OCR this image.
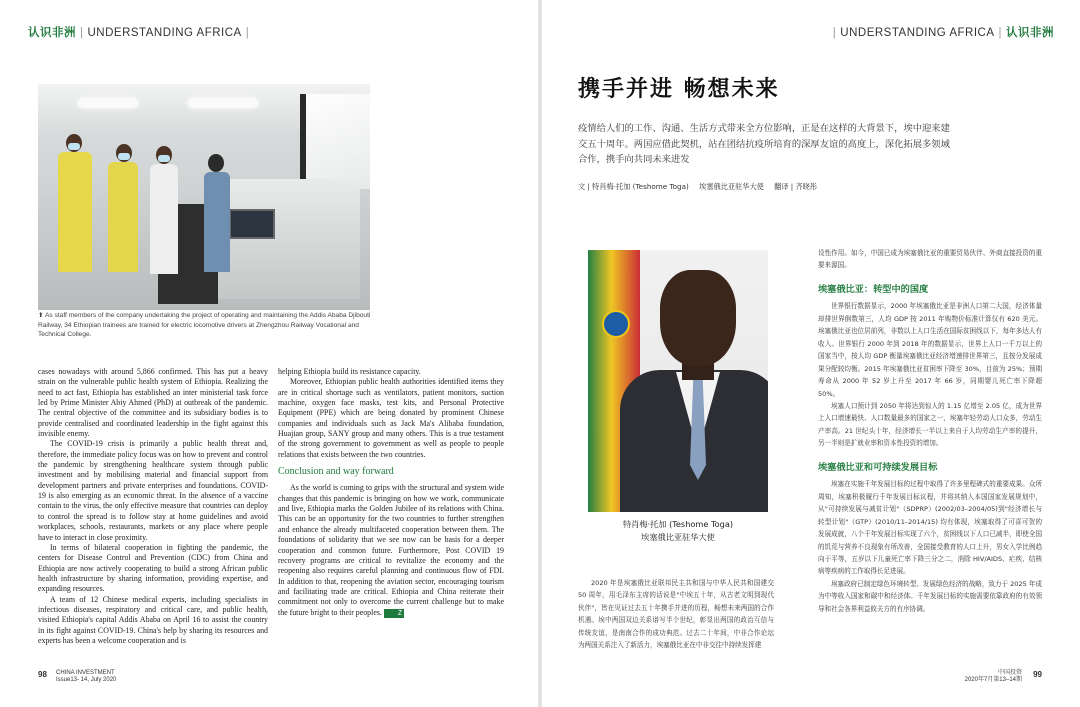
认识非洲 | UNDERSTANDING AFRICA |	| UNDERSTANDING AFRICA | 认识非洲
⬆ As staff members of the company undertaking the project of operating and maintaining the Addis Ababa Djibouti Railway, 34 Ethiopian trainees are trained for electric locomotive drivers at Zhengzhou Railway Vocational and Technical College.

cases nowadays with around 5,866 confirmed. This has put a heavy strain on the vulnerable public health system of Ethiopia. Realizing the need to act fast, Ethiopia has established an inter ministerial task force led by Prime Minister Abiy Ahmed (PhD) at outbreak of the pandemic. The central objective of the committee and its subsidiary bodies is to provide centralised and coordinated leadership in the fight against this invisible enemy.

The COVID-19 crisis is primarily a public health threat and, therefore, the immediate policy focus was on how to prevent and control the pandemic by strengthening healthcare system through public investment and by mobilising material and financial support from development partners and private enterprises and foundations. COVID-19 is also emerging as an economic threat. In the absence of a vaccine contain to the virus, the only effective measure that countries can deploy to control the spread is to follow stay at home guidelines and avoid workplaces, schools, restaurants, markets or any place where people have to interact in close proximity.

In terms of bilateral cooperation in fighting the pandemic, the centers for Disease Control and Prevention (CDC) from China and Ethiopia are now actively cooperating to build a strong African public health infrastructure by sharing information, providing expertise, and expanding resources.

A team of 12 Chinese medical experts, including specialists in infectious diseases, respiratory and critical care, and public health, visited Ethiopia's capital Addis Ababa on April 16 to assist the country in its fight against COVID-19. China's help by sharing its resources and experts has been a welcome cooperation and is

helping Ethiopia build its resistance capacity.

Moreover, Ethiopian public health authorities identified items they are in critical shortage such as ventilators, patient monitors, suction machine, oxygen face masks, test kits, and Personal Protective Equipment (PPE) which are being donated by prominent Chinese companies and individuals such as Jack Ma's Alibaba foundation, Huajian group, SANY group and many others. This is a true testament of the strong government to government as well as people to people relations that exists between the two countries.

Conclusion and way forward

As the world is coming to grips with the structural and system wide changes that this pandemic is bringing on how we work, communicate and live, Ethiopia marks the Golden Jubilee of its relations with China. This can be an opportunity for the two countries to further strengthen and enhance the already multifaceted cooperation between them. The foundations of solidarity that we see now can be basis for a deeper cooperation and common future. Furthermore, Post COVID 19 recovery programs are critical to revitalize the economy and the reopening also requires careful planning and continuous flow of FDI. In addition to that, reopening the aviation sector, encouraging tourism and facilitating trade are critical. Ethiopia and China reiterate their commitment not only to overcome the current challenge but to make the future bright to their peoples. Z

98 CHINA INVESTMENT
Issue13- 14, July 2020
携手并进 畅想未来
疫情给人们的工作、沟通、生活方式带来全方位影响，正是在这样的大背景下，埃中迎来建交五十周年。两国应借此契机，站在团结抗疫所培育的深厚友谊的高度上，深化拓展多领域合作，携手向共同未来进发
文 | 特肖梅·托加 (Teshome Toga) 埃塞俄比亚驻华大使 翻译 | 齐晓彤
特肖梅·托加 (Teshome Toga)
埃塞俄比亚驻华大使

2020 年是埃塞俄比亚联邦民主共和国与中华人民共和国建交 50 周年，用毛泽东主席的话说是"中埃五十年，从古老文明到现代伙伴"，皆在见证过去五十年携手并进的历程，畅想未来两国的合作机遇。埃中两国双边关系谱写半个世纪，彰显出两国的政治互信与传统友谊，是南南合作的成功典范。过去二十年间，中非合作论坛为两国关系注入了新活力，埃塞俄比亚在中非交往中持续发挥建

设性作用。如今，中国已成为埃塞俄比亚的重要贸易伙伴、外商直接投资的重要来源国。

埃塞俄比亚：转型中的国度

世界银行数据显示，2000 年埃塞俄比亚是非洲人口第二大国，经济体量却排世界倒数第三，人均 GDP 按 2011 年购物价标准计算仅有 620 美元。埃塞俄比亚也位居前列，非数以上人口生活在国际贫困线以下，每年多达人有收入。世界银行 2000 年到 2018 年的数据显示，世界上人口一千万以上的国家当中，按人均 GDP 衡量埃塞俄比亚经济增速排世界第三，且按分发展成果分配较均衡。2015 年埃塞俄比亚贫困率下降至 30%，目前为 25%；预期寿命从 2000 年 52 岁上升至 2017 年 66 岁，同期婴儿死亡率下降超 50%。

埃塞人口预计到 2050 年将达到惊人的 1.15 亿增至 2.05 亿，成为世界上人口增速最快、人口数量最多的国家之一，埃塞年轻劳动人口众多，劳动生产率高。21 世纪头十年，经济增长一半以上来自于人均劳动生产率的提升，另一半则是扩就业率和资本性投资的增加。

埃塞俄比亚和可持续发展目标

埃塞在实施千年发展目标的过程中取得了许多里程碑式的重要成果。众所周知，埃塞积极履行千年发展目标议程，并将其纳入本国国家发展规划中，从"可持续发展与减贫计划"（SDPRP）(2002/03–2004/05)到"经济增长与转型计划"（GTP）(2010/11–2014/15) 均有体现，埃塞取得了可喜可贺的发展成就，八个千年发展目标实现了六个，贫困线以下人口已减半，即使全国的饥荒与营养不良现象有所改善，全国接受教育的人口上升，男女入学比例趋向于平等，五岁以下儿童死亡率下降三分之二，消除 HIV/AIDS、疟疾、结核病等疾病的工作取得长足进展。

埃塞政府已制定绿色环境转型、发展绿色经济的战略，致力于 2025 年成为中等收入国家和碳中和经济体。千年发展目标的实施需要依靠政府的有效领导和社会各界利益攸关方的有序协调。

99
中国投资
2020年7月第13–14期
